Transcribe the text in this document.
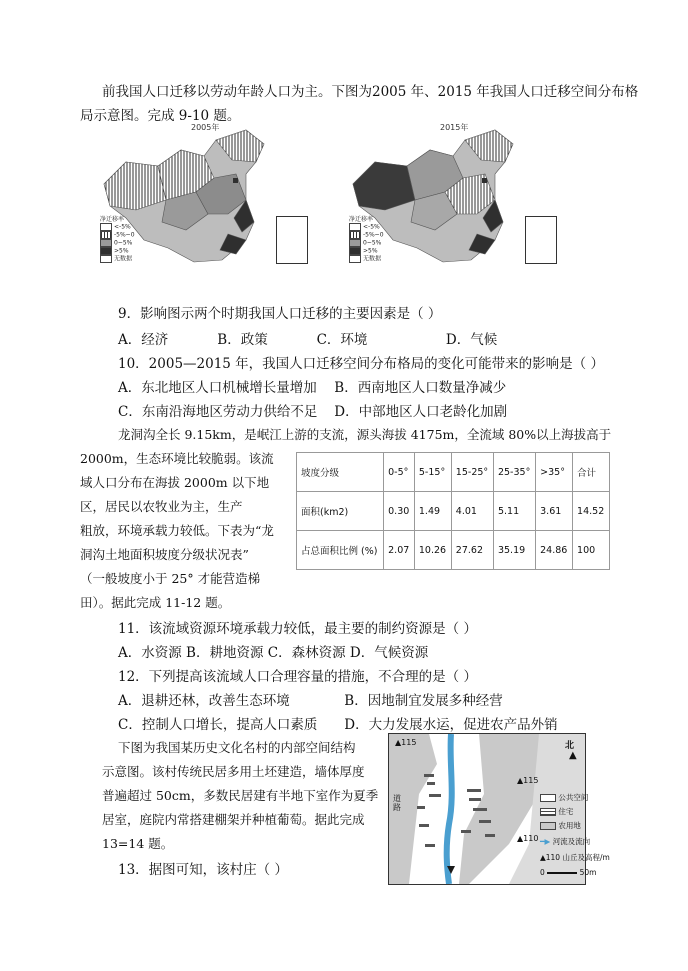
前我国人口迁移以劳动年龄人口为主。下图为2005 年、2015 年我国人口迁移空间分布格
局示意图。完成 9-10 题。
2005年
净迁移率
<-5%
-5%~0
0~5%
>5%
无数据
2015年
净迁移率
<-5%
-5%~0
0~5%
>5%
无数据
9．影响图示两个时期我国人口迁移的主要因素是（ ）
A．经济	B．政策	C．环境	D．气候
10．2005—2015 年，我国人口迁移空间分布格局的变化可能带来的影响是（ ）
A．东北地区人口机械增长量增加 B．西南地区人口数量净减少
C．东南沿海地区劳动力供给不足 D．中部地区人口老龄化加剧
龙洞沟全长 9.15km，是岷江上游的支流，源头海拔 4175m，全流域 80%以上海拔高于
2000m，生态环境比较脆弱。该流
域人口分布在海拔 2000m 以下地
区，居民以农牧业为主，生产
粗放，环境承载力较低。下表为“龙
洞沟土地面积坡度分级状况表”
（一般坡度小于 25° 才能营造梯
田）。据此完成 11-12 题。
坡度分级	0-5°	5-15°	15-25°	25-35°	>35°	合计
面积(km2)	0.30	1.49	4.01	5.11	3.61	14.52
占总面积比例 (%)	2.07	10.26	27.62	35.19	24.86	100
11．该流域资源环境承载力较低，最主要的制约资源是（ ）
A．水资源 B．耕地资源 C．森林资源 D．气候资源
12．下列提高该流域人口合理容量的措施，不合理的是（ ）
A．退耕还林，改善生态环境	B．因地制宜发展多种经营
C．控制人口增长，提高人口素质 D．大力发展水运，促进农产品外销
下图为我国某历史文化名村的内部空间结构
示意图。该村传统民居多用土坯建造，墙体厚度
普遍超过 50cm，多数民居建有半地下室作为夏季
居室，庭院内常搭建棚架并种植葡萄。据此完成
13=14 题。
▲115
▲115
▲110
北
▲
道路
公共空间
住宅
农用地
━▶ 河流及流向
▲110 山丘及高程/m
0	50m
13．据图可知，该村庄（ ）
